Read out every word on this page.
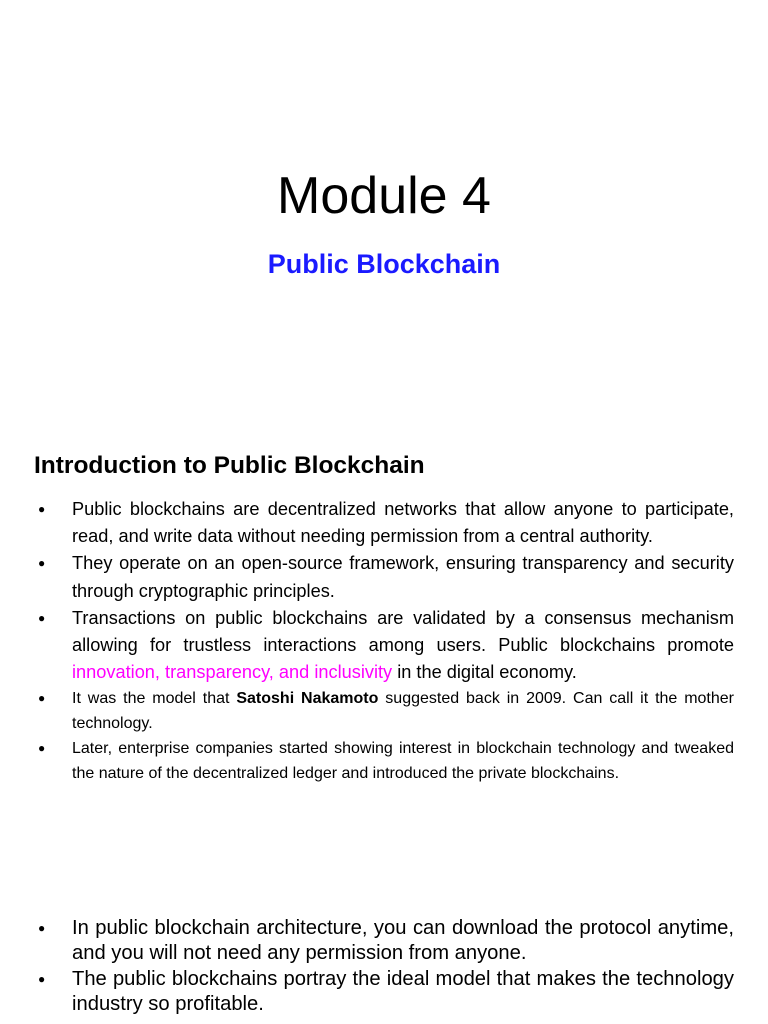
Module 4
Public Blockchain
Introduction to Public Blockchain
● Public blockchains are decentralized networks that allow anyone to participate, read, and write data without needing permission from a central authority.
● They operate on an open-source framework, ensuring transparency and security through cryptographic principles.
● Transactions on public blockchains are validated by a consensus mechanism allowing for trustless interactions among users. Public blockchains promote innovation, transparency, and inclusivity in the digital economy.
● It was the model that Satoshi Nakamoto suggested back in 2009. Can call it the mother technology.
● Later, enterprise companies started showing interest in blockchain technology and tweaked the nature of the decentralized ledger and introduced the private blockchains.
● In public blockchain architecture, you can download the protocol anytime, and you will not need any permission from anyone.
● The public blockchains portray the ideal model that makes the technology industry so profitable.
